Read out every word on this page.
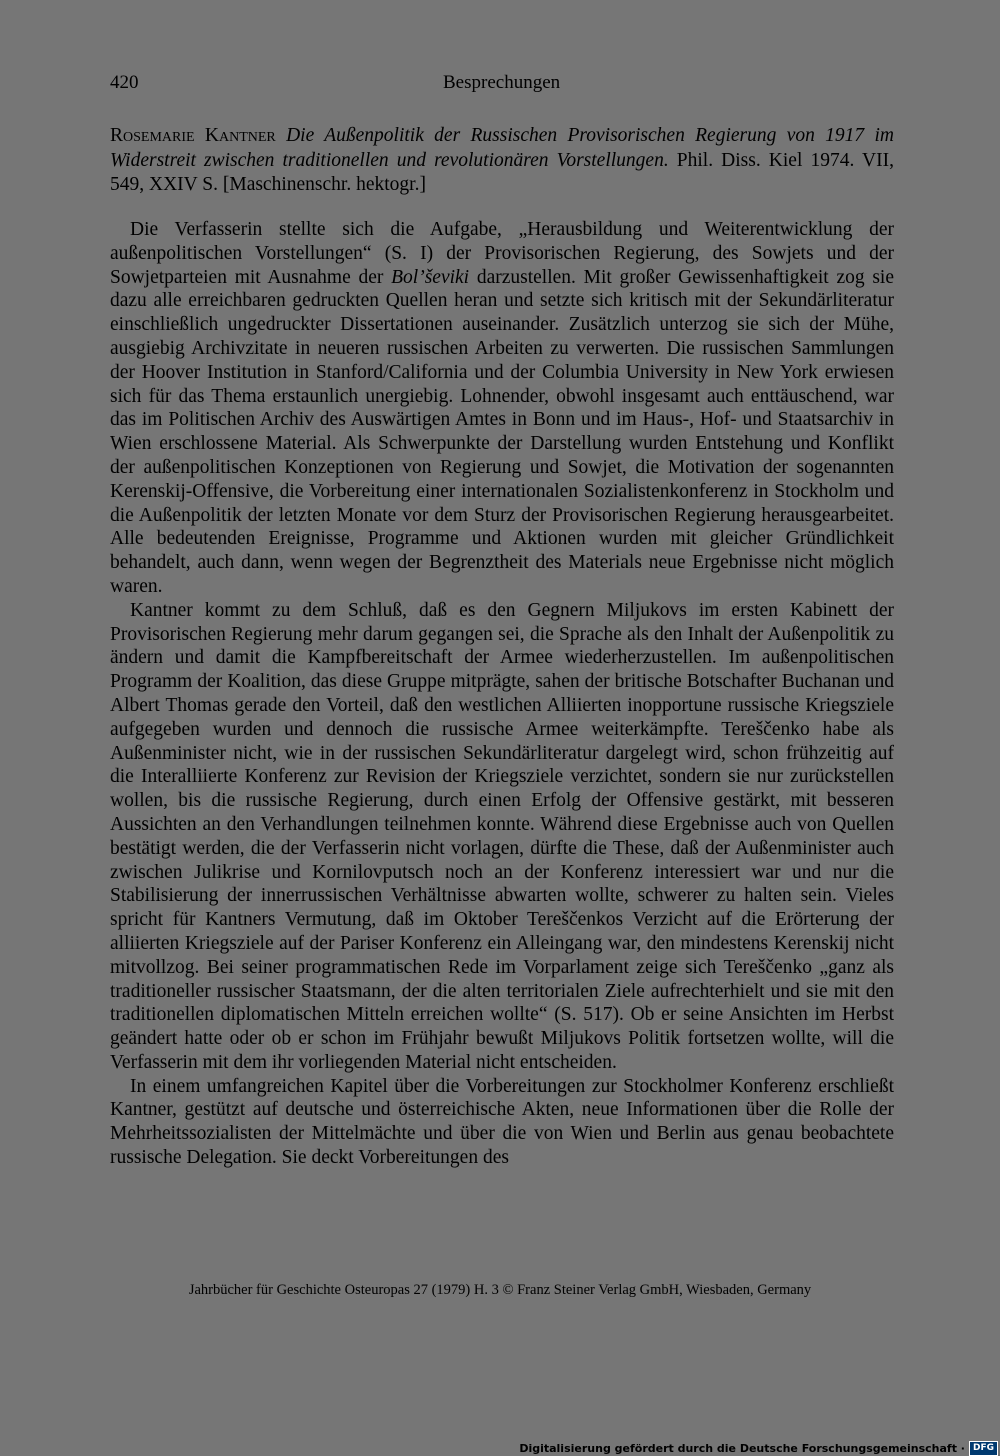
420	Besprechungen
Rosemarie Kantner Die Außenpolitik der Russischen Provisorischen Regierung von 1917 im Widerstreit zwischen traditionellen und revolutionären Vorstellungen. Phil. Diss. Kiel 1974. VII, 549, XXIV S. [Maschinenschr. hektogr.]

Die Verfasserin stellte sich die Aufgabe, „Herausbildung und Weiterentwicklung der außenpolitischen Vorstellungen“ (S. I) der Provisorischen Regierung, des Sowjets und der Sowjetparteien mit Ausnahme der Bol’ševiki darzustellen. Mit großer Gewissenhaftigkeit zog sie dazu alle erreichbaren gedruckten Quellen heran und setzte sich kritisch mit der Sekundärliteratur einschließlich ungedruckter Dissertationen auseinander. Zusätzlich unterzog sie sich der Mühe, ausgiebig Archivzitate in neueren russischen Arbeiten zu verwerten. Die russischen Sammlungen der Hoover Institution in Stanford/California und der Columbia University in New York erwiesen sich für das Thema erstaunlich unergiebig. Lohnender, obwohl insgesamt auch enttäuschend, war das im Politischen Archiv des Auswärtigen Amtes in Bonn und im Haus-, Hof- und Staatsarchiv in Wien erschlossene Material. Als Schwerpunkte der Darstellung wurden Entstehung und Konflikt der außenpolitischen Konzeptionen von Regierung und Sowjet, die Motivation der sogenannten Kerenskij-Offensive, die Vorbereitung einer internationalen Sozialistenkonferenz in Stockholm und die Außenpolitik der letzten Monate vor dem Sturz der Provisorischen Regierung herausgearbeitet. Alle bedeutenden Ereignisse, Programme und Aktionen wurden mit gleicher Gründlichkeit behandelt, auch dann, wenn wegen der Begrenztheit des Materials neue Ergebnisse nicht möglich waren.

Kantner kommt zu dem Schluß, daß es den Gegnern Miljukovs im ersten Kabinett der Provisorischen Regierung mehr darum gegangen sei, die Sprache als den Inhalt der Außenpolitik zu ändern und damit die Kampfbereitschaft der Armee wiederherzustellen. Im außenpolitischen Programm der Koalition, das diese Gruppe mitprägte, sahen der britische Botschafter Buchanan und Albert Thomas gerade den Vorteil, daß den westlichen Alliierten inopportune russische Kriegsziele aufgegeben wurden und dennoch die russische Armee weiterkämpfte. Tereščenko habe als Außenminister nicht, wie in der russischen Sekundärliteratur dargelegt wird, schon frühzeitig auf die Interalliierte Konferenz zur Revision der Kriegsziele verzichtet, sondern sie nur zurückstellen wollen, bis die russische Regierung, durch einen Erfolg der Offensive gestärkt, mit besseren Aussichten an den Verhandlungen teilnehmen konnte. Während diese Ergebnisse auch von Quellen bestätigt werden, die der Verfasserin nicht vorlagen, dürfte die These, daß der Außenminister auch zwischen Julikrise und Kornilovputsch noch an der Konferenz interessiert war und nur die Stabilisierung der innerrussischen Verhältnisse abwarten wollte, schwerer zu halten sein. Vieles spricht für Kantners Vermutung, daß im Oktober Tereščenkos Verzicht auf die Erörterung der alliierten Kriegsziele auf der Pariser Konferenz ein Alleingang war, den mindestens Kerenskij nicht mitvollzog. Bei seiner programmatischen Rede im Vorparlament zeige sich Tereščenko „ganz als traditioneller russischer Staatsmann, der die alten territorialen Ziele aufrechterhielt und sie mit den traditionellen diplomatischen Mitteln erreichen wollte“ (S. 517). Ob er seine Ansichten im Herbst geändert hatte oder ob er schon im Frühjahr bewußt Miljukovs Politik fortsetzen wollte, will die Verfasserin mit dem ihr vorliegenden Material nicht entscheiden.

In einem umfangreichen Kapitel über die Vorbereitungen zur Stockholmer Konferenz erschließt Kantner, gestützt auf deutsche und österreichische Akten, neue Informationen über die Rolle der Mehrheitssozialisten der Mittelmächte und über die von Wien und Berlin aus genau beobachtete russische Delegation. Sie deckt Vorbereitungen des

Jahrbücher für Geschichte Osteuropas 27 (1979) H. 3 © Franz Steiner Verlag GmbH, Wiesbaden, Germany
Digitalisierung gefördert durch die Deutsche Forschungsgemeinschaft · DFG
